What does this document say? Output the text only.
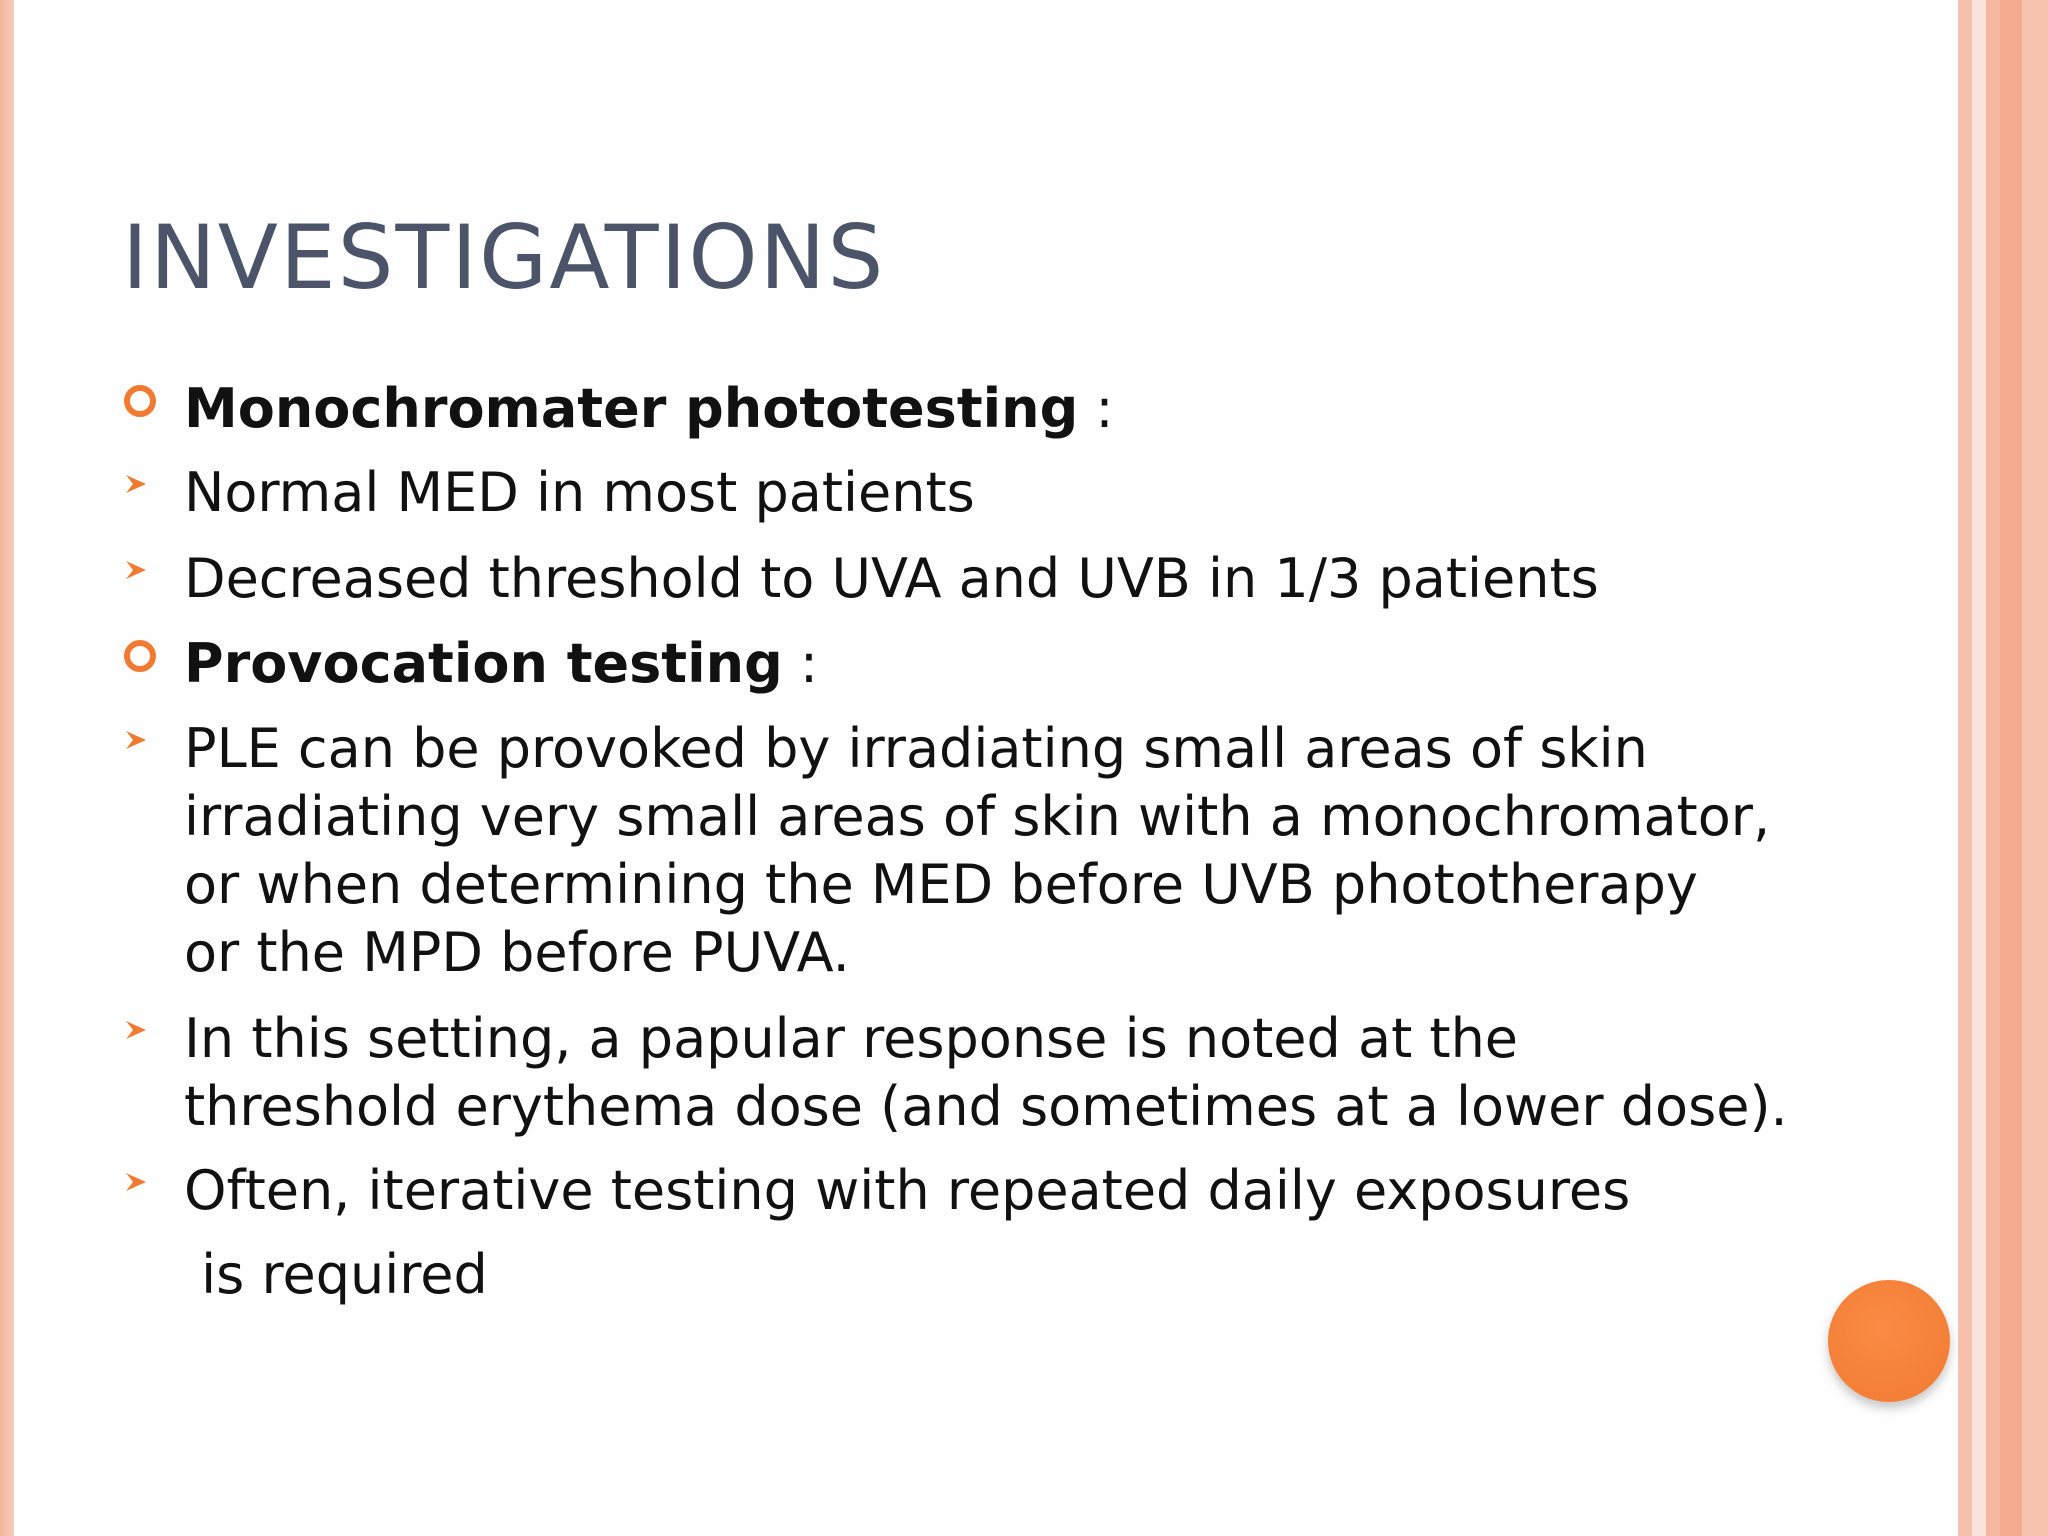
INVESTIGATIONS
Monochromater phototesting :
Normal MED in most patients
Decreased threshold to UVA and UVB in 1/3 patients
Provocation testing :
PLE can be provoked by irradiating small areas of skin
irradiating very small areas of skin with a monochromator,
or when determining the MED before UVB phototherapy
or the MPD before PUVA.
In this setting, a papular response is noted at the
threshold erythema dose (and sometimes at a lower dose).
Often, iterative testing with repeated daily exposures
is required
